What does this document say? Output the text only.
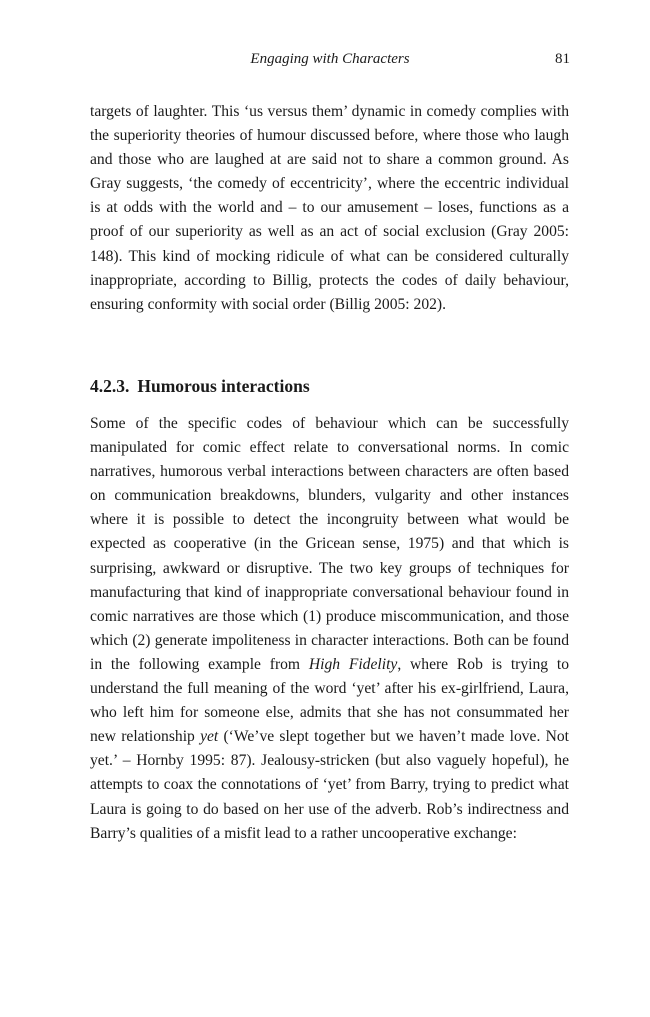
Engaging with Characters	81

targets of laughter. This ‘us versus them’ dynamic in comedy complies with the superiority theories of humour discussed before, where those who laugh and those who are laughed at are said not to share a common ground. As Gray suggests, ‘the comedy of eccentricity’, where the eccentric individual is at odds with the world and – to our amusement – loses, functions as a proof of our superiority as well as an act of social exclusion (Gray 2005: 148). This kind of mocking ridicule of what can be considered culturally inappropriate, according to Billig, protects the codes of daily behaviour, ensuring conformity with social order (Billig 2005: 202).

4.2.3. Humorous interactions

Some of the specific codes of behaviour which can be successfully manipulated for comic effect relate to conversational norms. In comic narratives, humorous verbal interactions between characters are often based on communication breakdowns, blunders, vulgarity and other instances where it is possible to detect the incongruity between what would be expected as cooperative (in the Gricean sense, 1975) and that which is surprising, awkward or disruptive. The two key groups of techniques for manufacturing that kind of inappropriate conversational behaviour found in comic narratives are those which (1) produce miscommunication, and those which (2) generate impoliteness in character interactions. Both can be found in the following example from High Fidelity, where Rob is trying to understand the full meaning of the word ‘yet’ after his ex-girlfriend, Laura, who left him for someone else, admits that she has not consummated her new relationship yet (‘We’ve slept together but we haven’t made love. Not yet.’ – Hornby 1995: 87). Jealousy-stricken (but also vaguely hopeful), he attempts to coax the connotations of ‘yet’ from Barry, trying to predict what Laura is going to do based on her use of the adverb. Rob’s indirectness and Barry’s qualities of a misfit lead to a rather uncooperative exchange:
